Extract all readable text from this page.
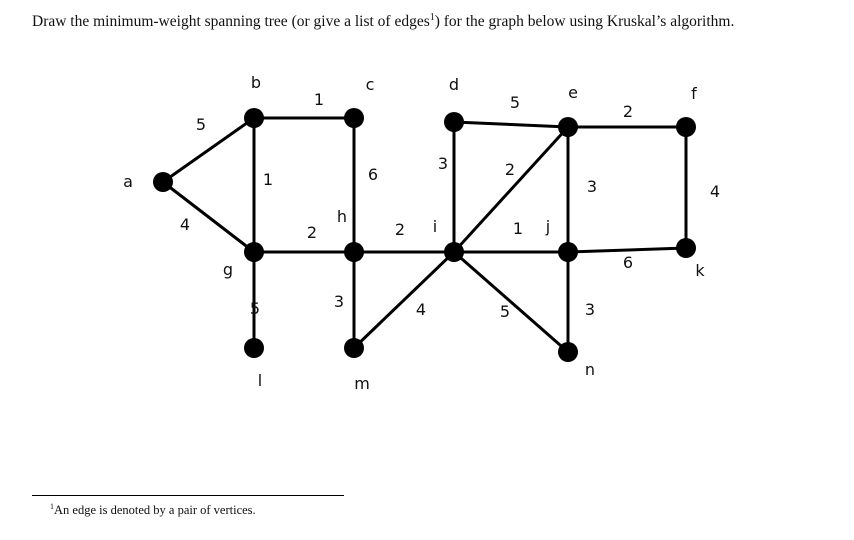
Draw the minimum-weight spanning tree (or give a list of edges$^1$) for the graph below using Kruskal’s algorithm.
5
4
1
1	6
2
5
2
3	4
3
5
2
1
5
2
3	4
6
3
a
b	c	d	e	f
g
h
i	j
k
l	m
n
$^1$An edge is denoted by a pair of vertices.
